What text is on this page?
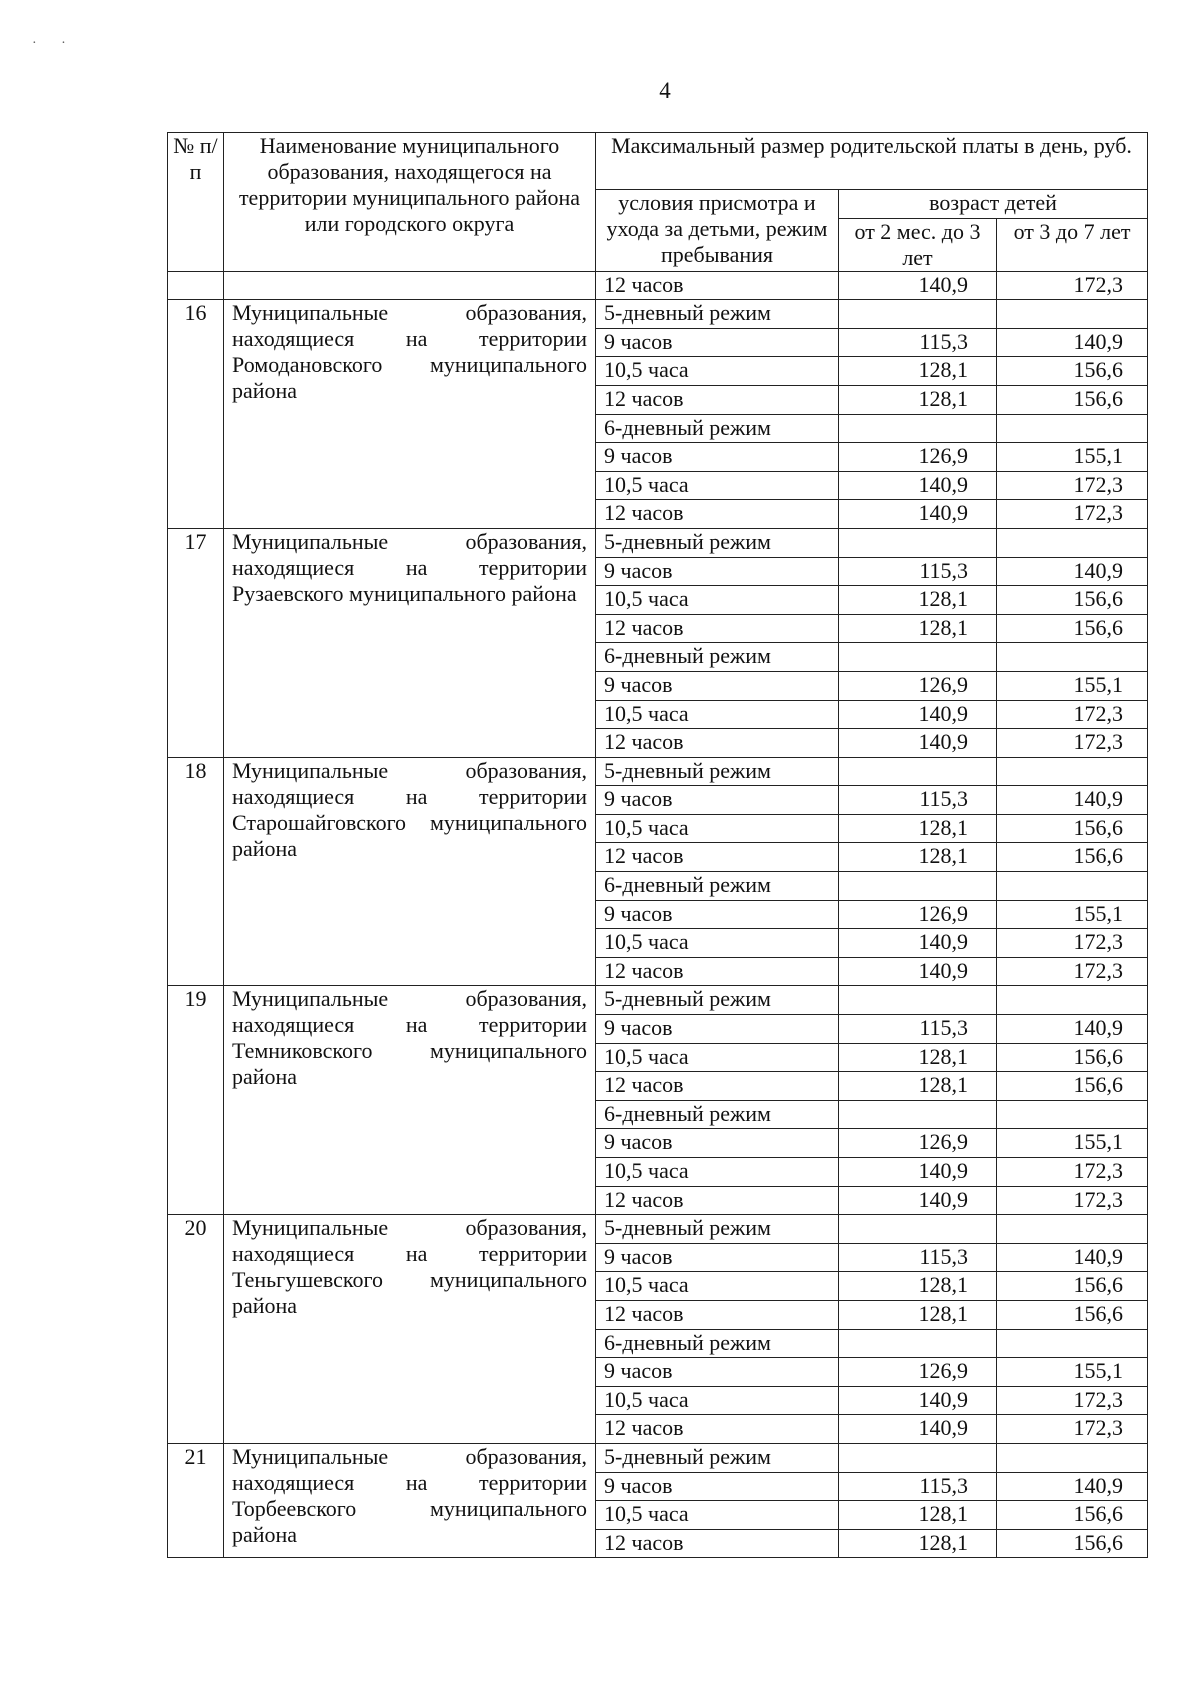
·       ·
4
№ п/п	Наименование муниципального образования, находящегося на территории муниципального района или городского округа	Максимальный размер родительской платы в день, руб.		
		условия присмотра и ухода за детьми, режим пребывания	возраст детей	
			от 2 мес. до 3 лет	от 3 до 7 лет
		12 часов	140,9	172,3
16	Муниципальные образования, находящиеся на территории Ромодановского муниципального района	5-дневный режим		
		9 часов	115,3	140,9
		10,5 часа	128,1	156,6
		12 часов	128,1	156,6
		6-дневный режим		
		9 часов	126,9	155,1
		10,5 часа	140,9	172,3
		12 часов	140,9	172,3
17	Муниципальные образования, находящиеся на территории Рузаевского муниципального района	5-дневный режим		
		9 часов	115,3	140,9
		10,5 часа	128,1	156,6
		12 часов	128,1	156,6
		6-дневный режим		
		9 часов	126,9	155,1
		10,5 часа	140,9	172,3
		12 часов	140,9	172,3
18	Муниципальные образования, находящиеся на территории Старошайговского муниципального района	5-дневный режим		
		9 часов	115,3	140,9
		10,5 часа	128,1	156,6
		12 часов	128,1	156,6
		6-дневный режим		
		9 часов	126,9	155,1
		10,5 часа	140,9	172,3
		12 часов	140,9	172,3
19	Муниципальные образования, находящиеся на территории Темниковского муниципального района	5-дневный режим		
		9 часов	115,3	140,9
		10,5 часа	128,1	156,6
		12 часов	128,1	156,6
		6-дневный режим		
		9 часов	126,9	155,1
		10,5 часа	140,9	172,3
		12 часов	140,9	172,3
20	Муниципальные образования, находящиеся на территории Теньгушевского муниципального района	5-дневный режим		
		9 часов	115,3	140,9
		10,5 часа	128,1	156,6
		12 часов	128,1	156,6
		6-дневный режим		
		9 часов	126,9	155,1
		10,5 часа	140,9	172,3
		12 часов	140,9	172,3
21	Муниципальные образования, находящиеся на территории Торбеевского муниципального района	5-дневный режим		
		9 часов	115,3	140,9
		10,5 часа	128,1	156,6
		12 часов	128,1	156,6
